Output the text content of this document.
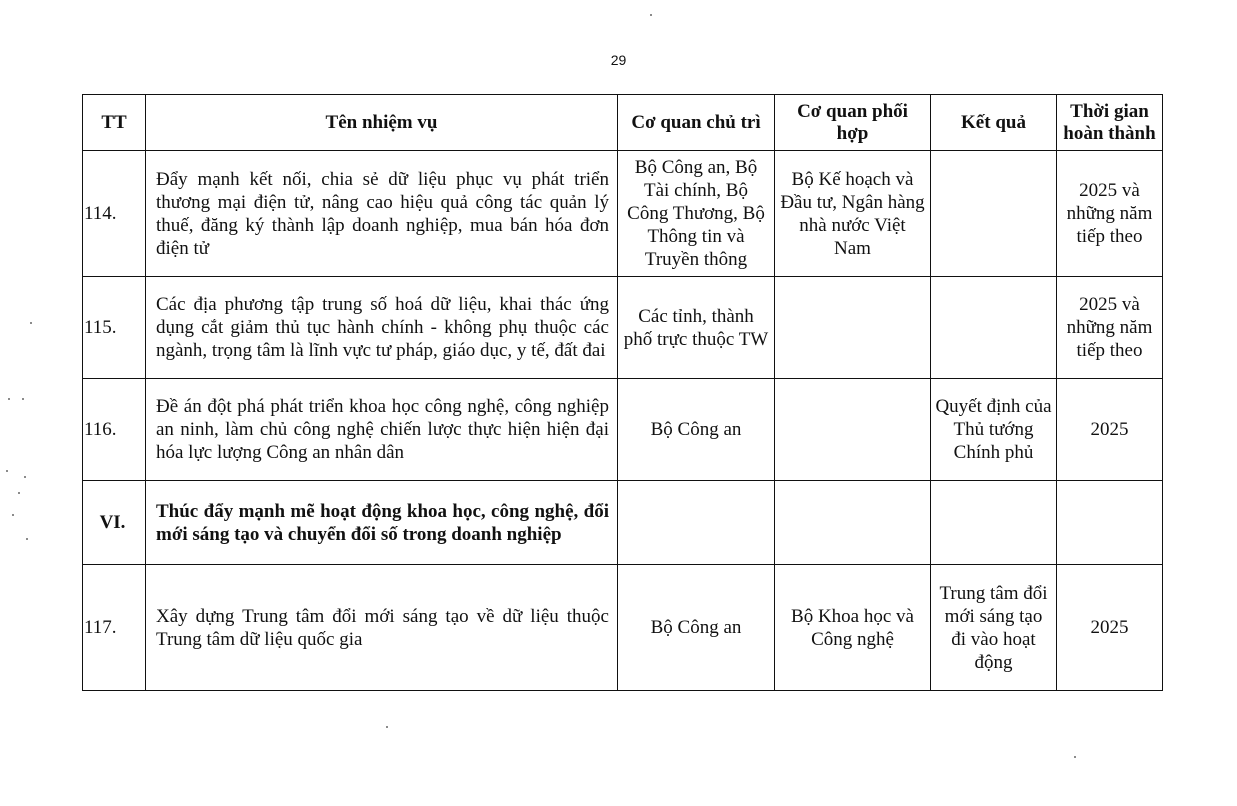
29
TT	Tên nhiệm vụ	Cơ quan chủ trì	Cơ quan phối hợp	Kết quả	Thời gian hoàn thành
114.	Đẩy mạnh kết nối, chia sẻ dữ liệu phục vụ phát triển thương mại điện tử, nâng cao hiệu quả công tác quản lý thuế, đăng ký thành lập doanh nghiệp, mua bán hóa đơn điện tử	Bộ Công an, Bộ Tài chính, Bộ Công Thương, Bộ Thông tin và Truyền thông	Bộ Kế hoạch và Đầu tư, Ngân hàng nhà nước Việt Nam		2025 và những năm tiếp theo
115.	Các địa phương tập trung số hoá dữ liệu, khai thác ứng dụng cắt giảm thủ tục hành chính - không phụ thuộc các ngành, trọng tâm là lĩnh vực tư pháp, giáo dục, y tế, đất đai	Các tỉnh, thành phố trực thuộc TW			2025 và những năm tiếp theo
116.	Đề án đột phá phát triển khoa học công nghệ, công nghiệp an ninh, làm chủ công nghệ chiến lược thực hiện hiện đại hóa lực lượng Công an nhân dân	Bộ Công an		Quyết định của Thủ tướng Chính phủ	2025
VI.	Thúc đẩy mạnh mẽ hoạt động khoa học, công nghệ, đổi mới sáng tạo và chuyển đổi số trong doanh nghiệp				
117.	Xây dựng Trung tâm đổi mới sáng tạo về dữ liệu thuộc Trung tâm dữ liệu quốc gia	Bộ Công an	Bộ Khoa học và Công nghệ	Trung tâm đổi mới sáng tạo đi vào hoạt động	2025
